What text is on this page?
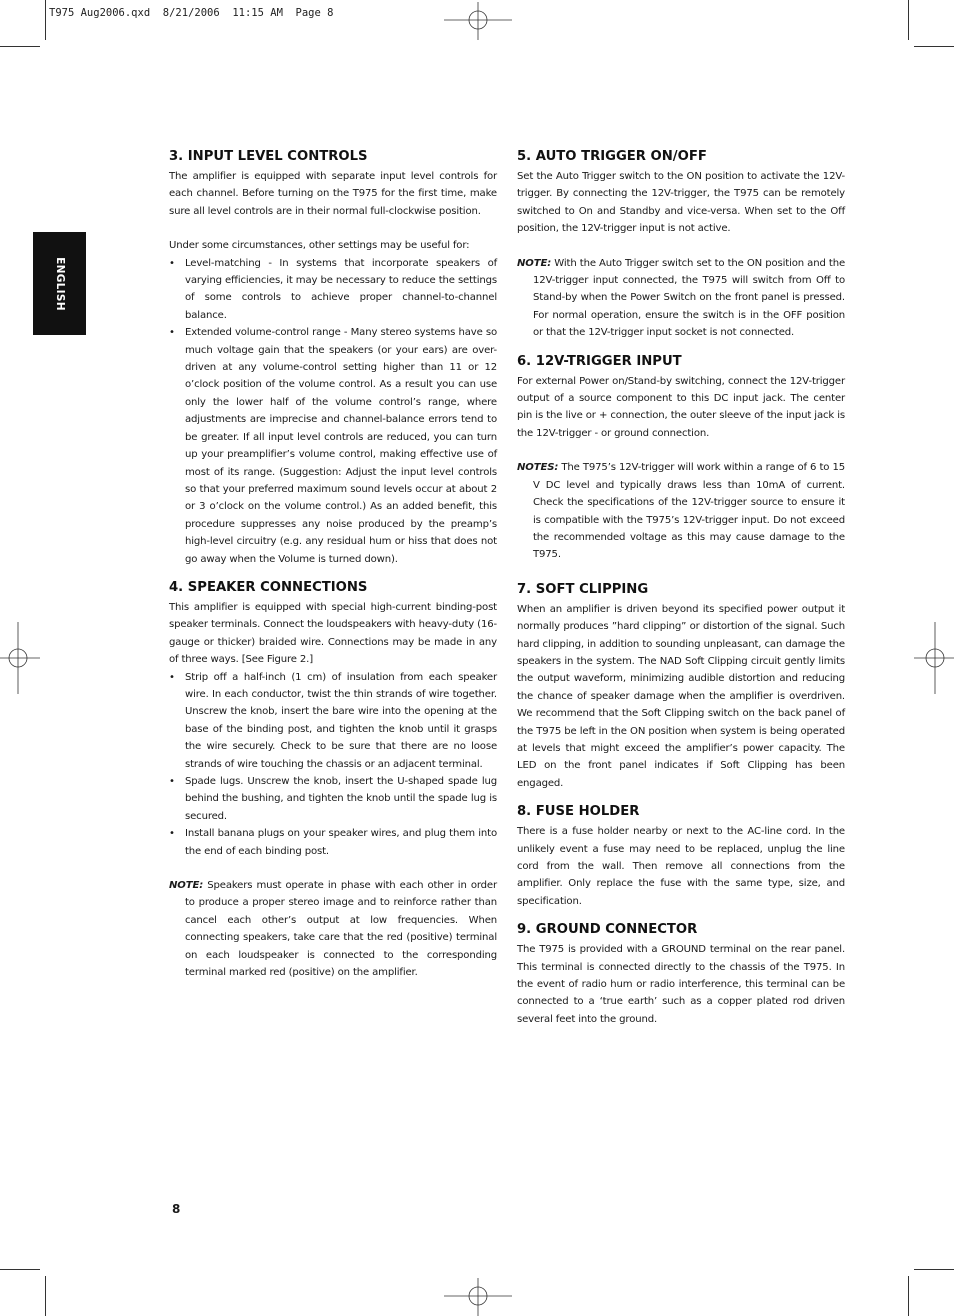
T975 Aug2006.qxd  8/21/2006  11:15 AM  Page 8
ENGLISH
3. INPUT LEVEL CONTROLS

The amplifier is equipped with separate input level controls for each channel. Before turning on the T975 for the first time, make sure all level controls are in their normal full-clockwise position.

Under some circumstances, other settings may be useful for:

• Level-matching - In systems that incorporate speakers of varying efficiencies, it may be necessary to reduce the settings of some controls to achieve proper channel-to-channel balance.
• Extended volume-control range - Many stereo systems have so much voltage gain that the speakers (or your ears) are over-driven at any volume-control setting higher than 11 or 12 o’clock position of the volume control. As a result you can use only the lower half of the volume control’s range, where adjustments are imprecise and channel-balance errors tend to be greater. If all input level controls are reduced, you can turn up your preamplifier’s volume control, making effective use of most of its range. (Suggestion: Adjust the input level controls so that your preferred maximum sound levels occur at about 2 or 3 o’clock on the volume control.) As an added benefit, this procedure suppresses any noise produced by the preamp’s high-level circuitry (e.g. any residual hum or hiss that does not go away when the Volume is turned down).
4. SPEAKER CONNECTIONS

This amplifier is equipped with special high-current binding-post speaker terminals. Connect the loudspeakers with heavy-duty (16-gauge or thicker) braided wire. Connections may be made in any of three ways. [See Figure 2.]

• Strip off a half-inch (1 cm) of insulation from each speaker wire. In each conductor, twist the thin strands of wire together. Unscrew the knob, insert the bare wire into the opening at the base of the binding post, and tighten the knob until it grasps the wire securely. Check to be sure that there are no loose strands of wire touching the chassis or an adjacent terminal.
• Spade lugs. Unscrew the knob, insert the U-shaped spade lug behind the bushing, and tighten the knob until the spade lug is secured.
• Install banana plugs on your speaker wires, and plug them into the end of each binding post.

NOTE: Speakers must operate in phase with each other in order to produce a proper stereo image and to reinforce rather than cancel each other’s output at low frequencies. When connecting speakers, take care that the red (positive) terminal on each loudspeaker is connected to the corresponding terminal marked red (positive) on the amplifier.

5. AUTO TRIGGER ON/OFF

Set the Auto Trigger switch to the ON position to activate the 12V-trigger. By connecting the 12V-trigger, the T975 can be remotely switched to On and Standby and vice-versa. When set to the Off position, the 12V-trigger input is not active.

NOTE: With the Auto Trigger switch set to the ON position and the 12V-trigger input connected, the T975 will switch from Off to Stand-by when the Power Switch on the front panel is pressed. For normal operation, ensure the switch is in the OFF position or that the 12V-trigger input socket is not connected.

6. 12V-TRIGGER INPUT

For external Power on/Stand-by switching, connect the 12V-trigger output of a source component to this DC input jack. The center pin is the live or + connection, the outer sleeve of the input jack is the 12V-trigger - or ground connection.

NOTES: The T975’s 12V-trigger will work within a range of 6 to 15 V DC level and typically draws less than 10mA of current. Check the specifications of the 12V-trigger source to ensure it is compatible with the T975’s 12V-trigger input. Do not exceed the recommended voltage as this may cause damage to the T975.

7. SOFT CLIPPING

When an amplifier is driven beyond its specified power output it normally produces ”hard clipping” or distortion of the signal. Such hard clipping, in addition to sounding unpleasant, can damage the speakers in the system. The NAD Soft Clipping circuit gently limits the output waveform, minimizing audible distortion and reducing the chance of speaker damage when the amplifier is overdriven. We recommend that the Soft Clipping switch on the back panel of the T975 be left in the ON position when system is being operated at levels that might exceed the amplifier’s power capacity. The LED on the front panel indicates if Soft Clipping has been engaged.

8. FUSE HOLDER

There is a fuse holder nearby or next to the AC-line cord. In the unlikely event a fuse may need to be replaced, unplug the line cord from the wall. Then remove all connections from the amplifier. Only replace the fuse with the same type, size, and specification.

9. GROUND CONNECTOR

The T975 is provided with a GROUND terminal on the rear panel. This terminal is connected directly to the chassis of the T975. In the event of radio hum or radio interference, this terminal can be connected to a ‘true earth’ such as a copper plated rod driven several feet into the ground.

8
